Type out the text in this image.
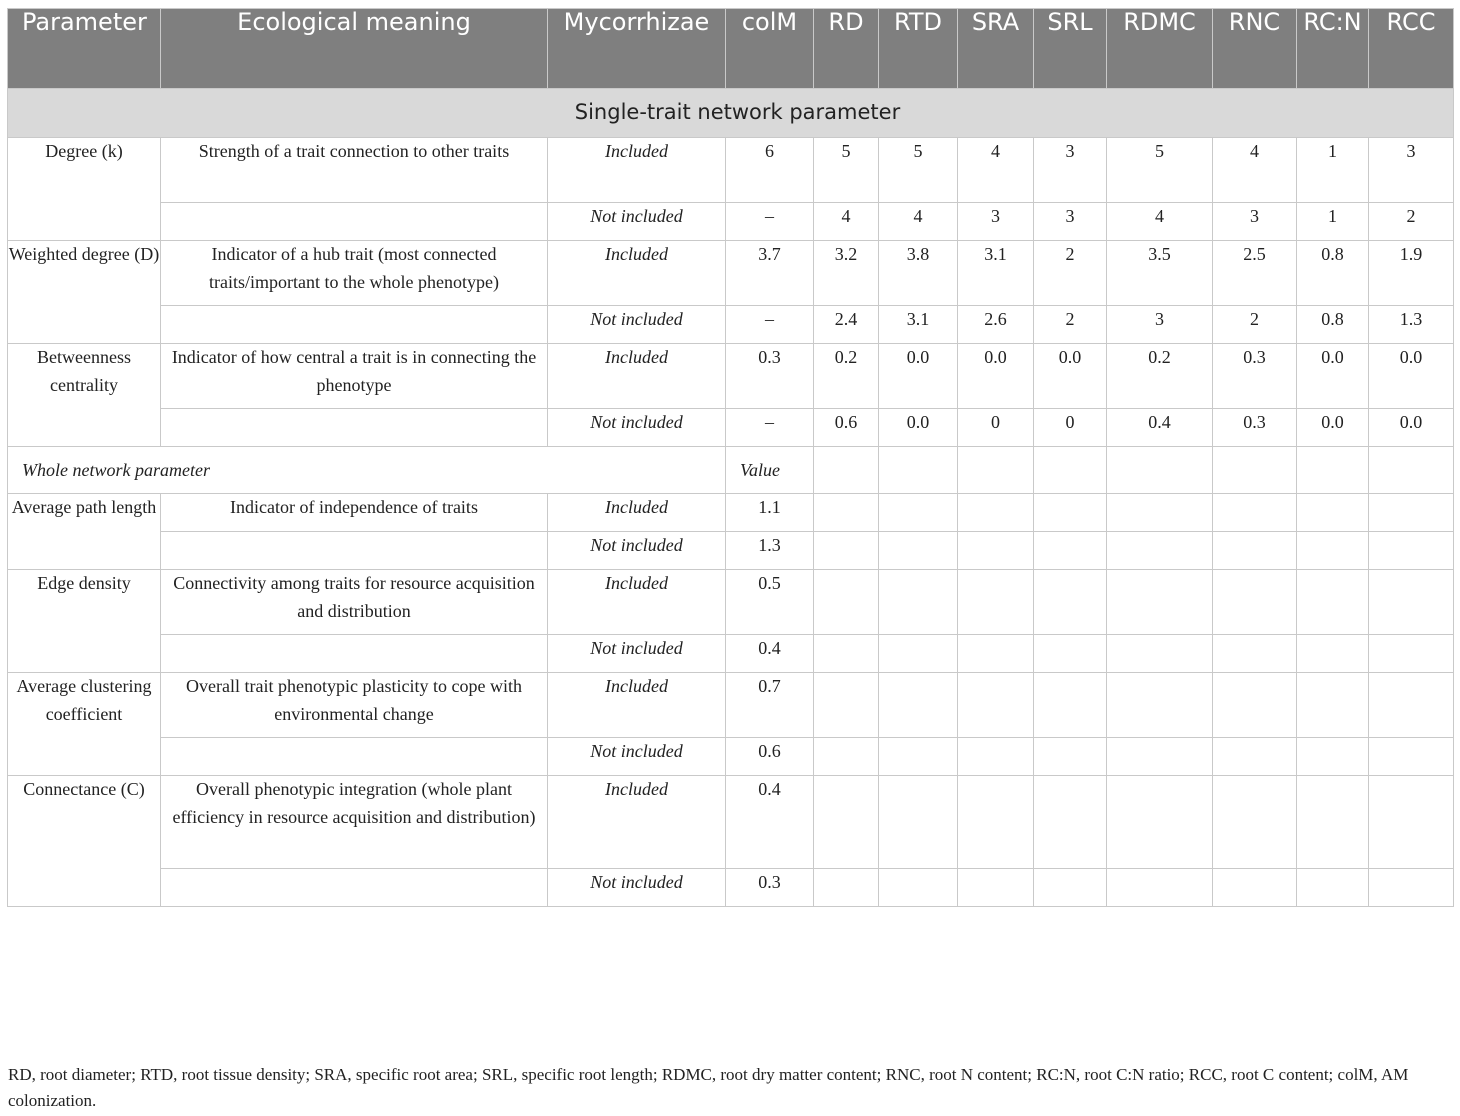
Parameter	Ecological meaning	Mycorrhizae	colM	RD	RTD	SRA	SRL	RDMC	RNC	RC:N	RCC
Single-trait network parameter											
Degree (k)	Strength of a trait connection to other traits	Included	6	5	5	4	3	5	4	1	3
		Not included	–	4	4	3	3	4	3	1	2
Weighted degree (D)	Indicator of a hub trait (most connected traits/important to the whole phenotype)	Included	3.7	3.2	3.8	3.1	2	3.5	2.5	0.8	1.9
		Not included	–	2.4	3.1	2.6	2	3	2	0.8	1.3
Betweenness centrality	Indicator of how central a trait is in connecting the phenotype	Included	0.3	0.2	0.0	0.0	0.0	0.2	0.3	0.0	0.0
		Not included	–	0.6	0.0	0	0	0.4	0.3	0.0	0.0
Whole network parameter			Value								
Average path length	Indicator of independence of traits	Included	1.1								
		Not included	1.3								
Edge density	Connectivity among traits for resource acquisition and distribution	Included	0.5								
		Not included	0.4								
Average clustering coefficient	Overall trait phenotypic plasticity to cope with environmental change	Included	0.7								
		Not included	0.6								
Connectance (C)	Overall phenotypic integration (whole plant efficiency in resource acquisition and distribution)	Included	0.4								
		Not included	0.3								
RD, root diameter; RTD, root tissue density; SRA, specific root area; SRL, specific root length; RDMC, root dry matter content; RNC, root N content; RC:N, root C:N ratio; RCC, root C content; colM, AM colonization.
